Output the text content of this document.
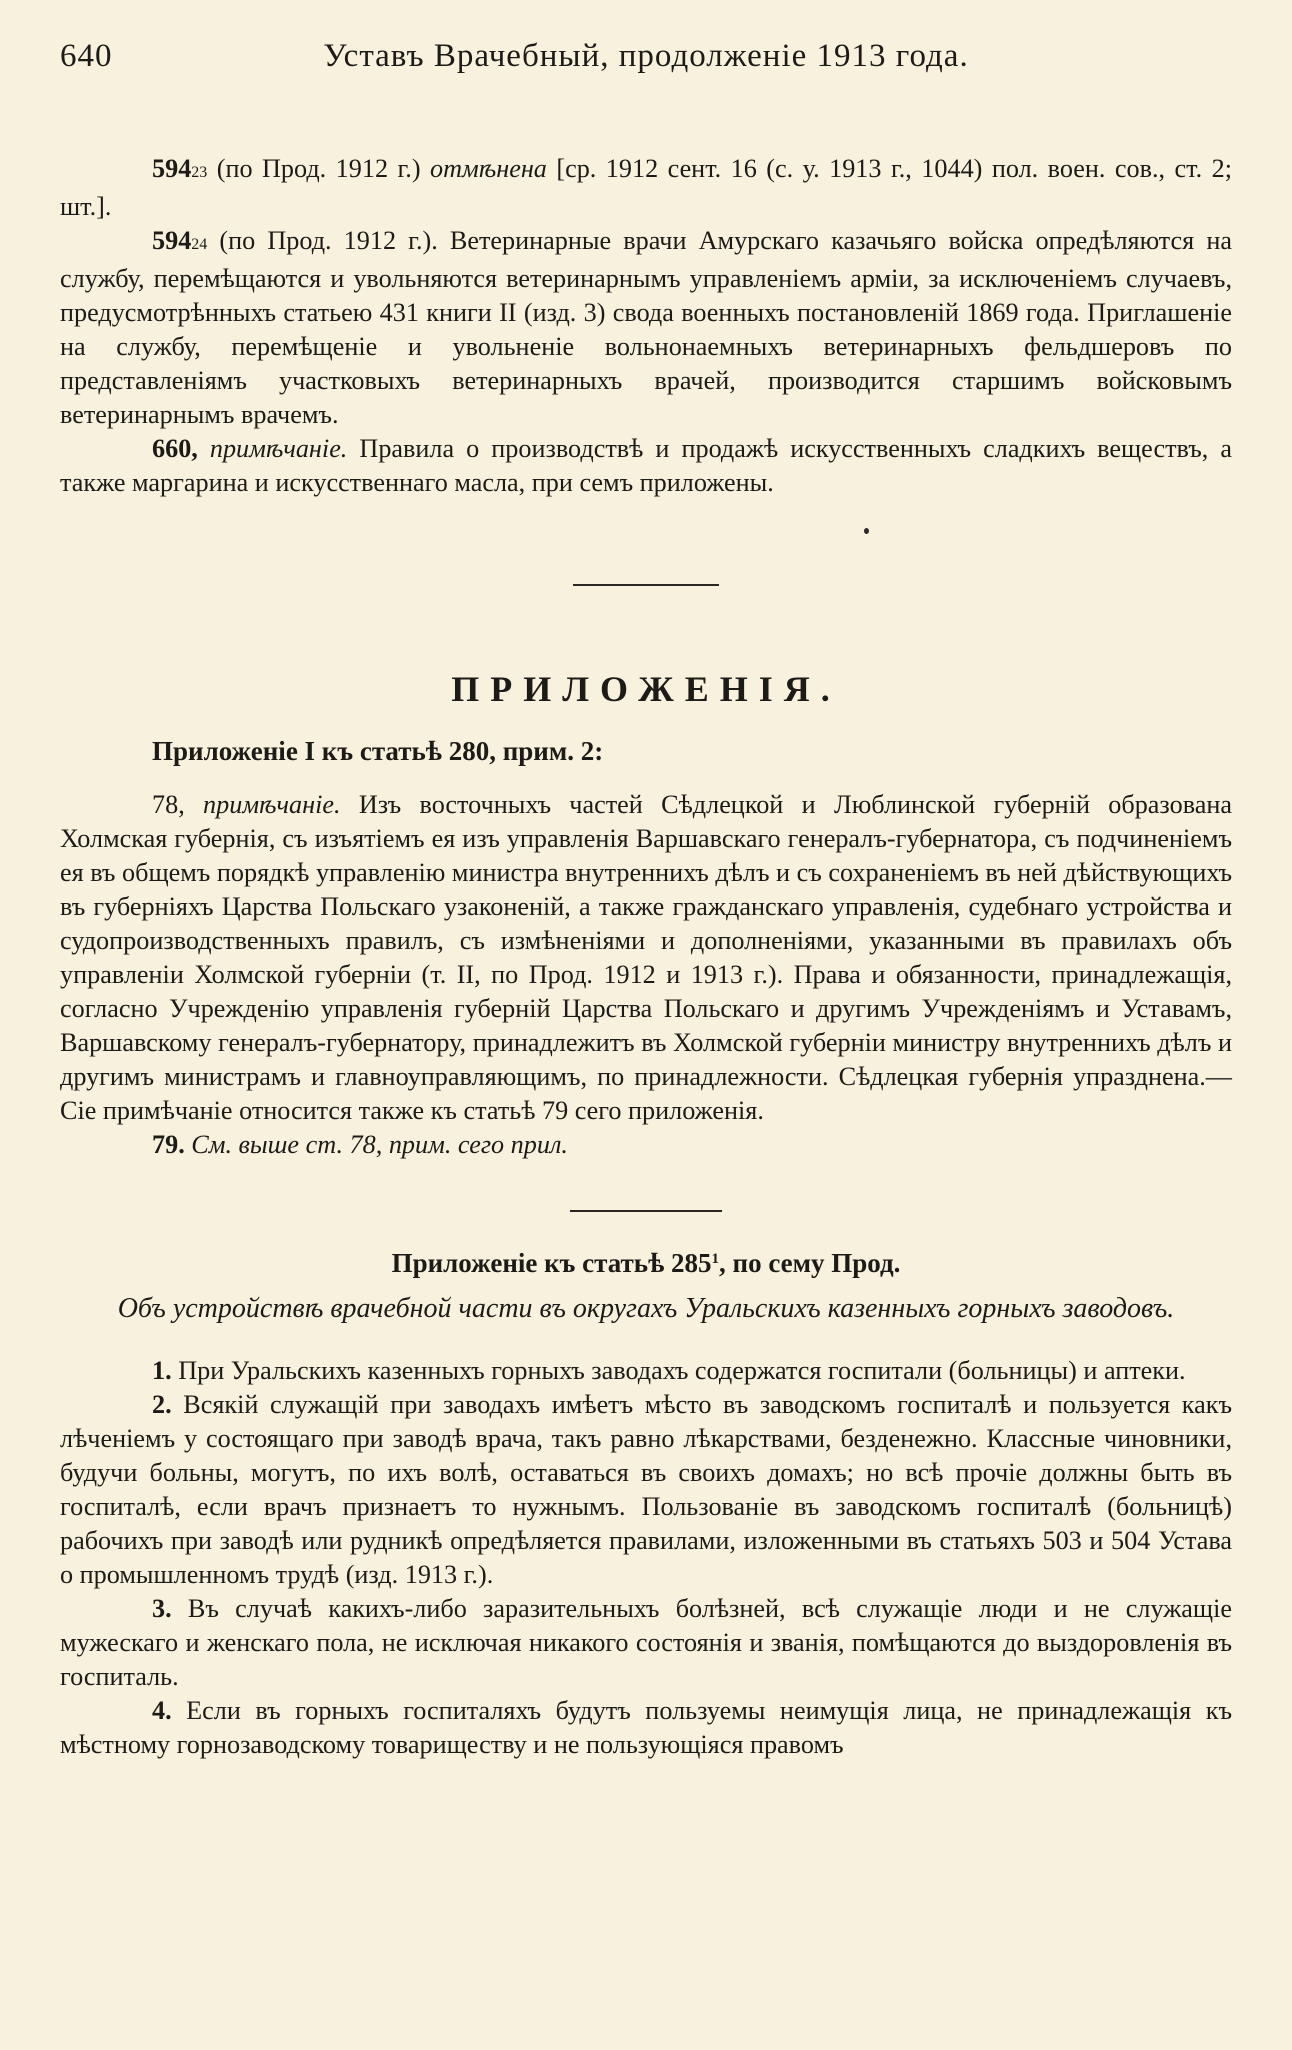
640	Уставъ Врачебный, продолженіе 1913 года.

59423 (по Прод. 1912 г.) отмѣнена [ср. 1912 сент. 16 (с. у. 1913 г., 1044) пол. воен. сов., ст. 2; шт.].

59424 (по Прод. 1912 г.). Ветеринарные врачи Амурскаго казачьяго войска опредѣляются на службу, перемѣщаются и увольняются ветеринарнымъ управленіемъ арміи, за исключеніемъ случаевъ, предусмотрѣнныхъ статьею 431 книги II (изд. 3) свода военныхъ постановленій 1869 года. Приглашеніе на службу, перемѣщеніе и увольненіе вольнонаемныхъ ветеринарныхъ фельдшеровъ по представленіямъ участковыхъ ветеринарныхъ врачей, производится старшимъ войсковымъ ветеринарнымъ врачемъ.

660, примѣчаніе. Правила о производствѣ и продажѣ искусственныхъ сладкихъ веществъ, а также маргарина и искусственнаго масла, при семъ приложены.

ПРИЛОЖЕНІЯ.
Приложеніе I къ статьѣ 280, прим. 2:

78, примѣчаніе. Изъ восточныхъ частей Сѣдлецкой и Люблинской губерній образована Холмская губернія, съ изъятіемъ ея изъ управленія Варшавскаго генералъ-губернатора, съ подчиненіемъ ея въ общемъ порядкѣ управленію министра внутреннихъ дѣлъ и съ сохраненіемъ въ ней дѣйствующихъ въ губерніяхъ Царства Польскаго узаконеній, а также гражданскаго управленія, судебнаго устройства и судопроизводственныхъ правилъ, съ измѣненіями и дополненіями, указанными въ правилахъ объ управленіи Холмской губерніи (т. II, по Прод. 1912 и 1913 г.). Права и обязанности, принадлежащія, согласно Учрежденію управленія губерній Царства Польскаго и другимъ Учрежденіямъ и Уставамъ, Варшавскому генералъ-губернатору, принадлежитъ въ Холмской губерніи министру внутреннихъ дѣлъ и другимъ министрамъ и главноуправляющимъ, по принадлежности. Сѣдлецкая губернія упразднена.—Сіе примѣчаніе относится также къ статьѣ 79 сего приложенія.

79. См. выше ст. 78, прим. сего прил.

Приложеніе къ статьѣ $285^1$, по сему Прод.
Объ устройствѣ врачебной части въ округахъ Уральскихъ казенныхъ горныхъ заводовъ.

1. При Уральскихъ казенныхъ горныхъ заводахъ содержатся госпитали (больницы) и аптеки.

2. Всякій служащій при заводахъ имѣетъ мѣсто въ заводскомъ госпиталѣ и пользуется какъ лѣченіемъ у состоящаго при заводѣ врача, такъ равно лѣкарствами, безденежно. Классные чиновники, будучи больны, могутъ, по ихъ волѣ, оставаться въ своихъ домахъ; но всѣ прочіе должны быть въ госпиталѣ, если врачъ признаетъ то нужнымъ. Пользованіе въ заводскомъ госпиталѣ (больницѣ) рабочихъ при заводѣ или рудникѣ опредѣляется правилами, изложенными въ статьяхъ 503 и 504 Устава о промышленномъ трудѣ (изд. 1913 г.).

3. Въ случаѣ какихъ-либо заразительныхъ болѣзней, всѣ служащіе люди и не служащіе мужескаго и женскаго пола, не исключая никакого состоянія и званія, помѣщаются до выздоровленія въ госпиталь.

4. Если въ горныхъ госпиталяхъ будутъ пользуемы неимущія лица, не принадлежащія къ мѣстному горнозаводскому товариществу и не пользующіяся правомъ
